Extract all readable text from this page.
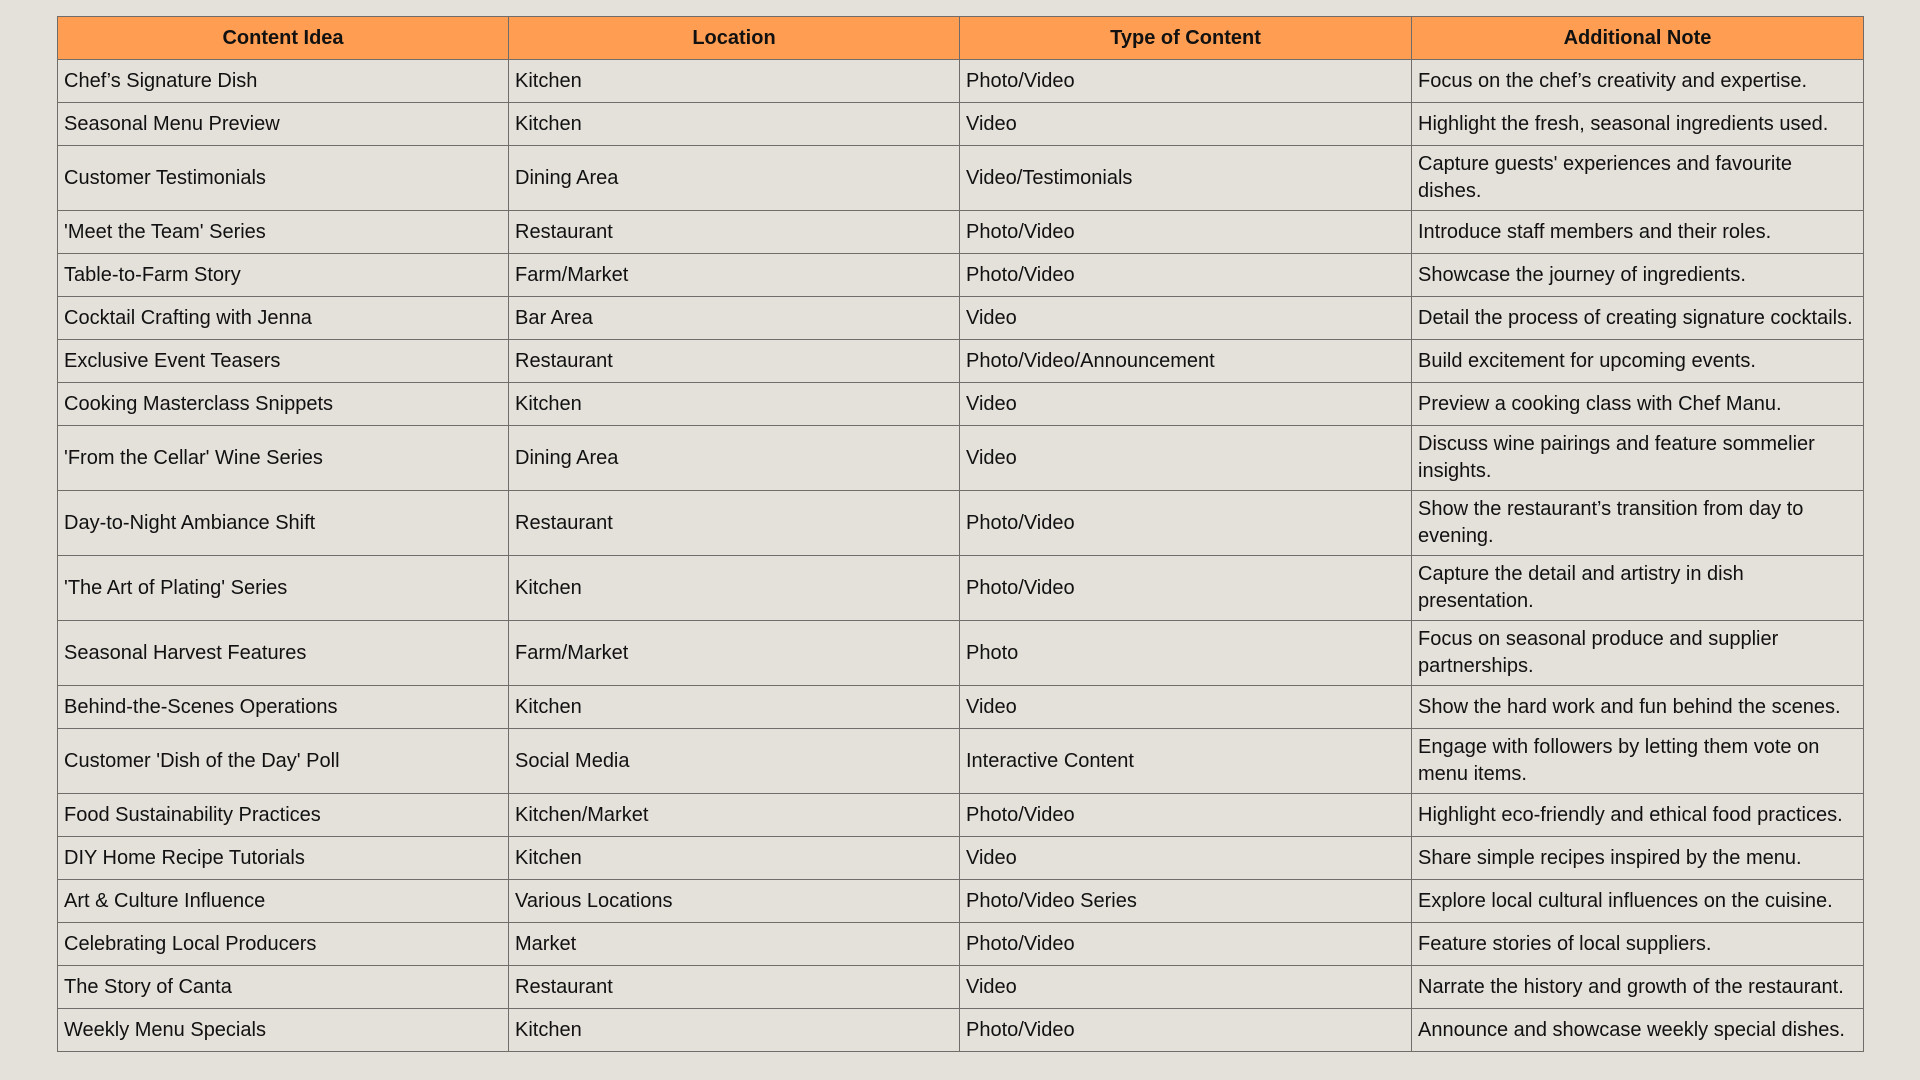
Content Idea	Location	Type of Content	Additional Note
Chef’s Signature Dish	Kitchen	Photo/Video	Focus on the chef’s creativity and expertise.
Seasonal Menu Preview	Kitchen	Video	Highlight the fresh, seasonal ingredients used.
Customer Testimonials	Dining Area	Video/Testimonials	Capture guests' experiences and favourite dishes.
'Meet the Team' Series	Restaurant	Photo/Video	Introduce staff members and their roles.
Table-to-Farm Story	Farm/Market	Photo/Video	Showcase the journey of ingredients.
Cocktail Crafting with Jenna	Bar Area	Video	Detail the process of creating signature cocktails.
Exclusive Event Teasers	Restaurant	Photo/Video/Announcement	Build excitement for upcoming events.
Cooking Masterclass Snippets	Kitchen	Video	Preview a cooking class with Chef Manu.
'From the Cellar' Wine Series	Dining Area	Video	Discuss wine pairings and feature sommelier insights.
Day-to-Night Ambiance Shift	Restaurant	Photo/Video	Show the restaurant’s transition from day to evening.
'The Art of Plating' Series	Kitchen	Photo/Video	Capture the detail and artistry in dish presentation.
Seasonal Harvest Features	Farm/Market	Photo	Focus on seasonal produce and supplier partnerships.
Behind-the-Scenes Operations	Kitchen	Video	Show the hard work and fun behind the scenes.
Customer 'Dish of the Day' Poll	Social Media	Interactive Content	Engage with followers by letting them vote on menu items.
Food Sustainability Practices	Kitchen/Market	Photo/Video	Highlight eco-friendly and ethical food practices.
DIY Home Recipe Tutorials	Kitchen	Video	Share simple recipes inspired by the menu.
Art & Culture Influence	Various Locations	Photo/Video Series	Explore local cultural influences on the cuisine.
Celebrating Local Producers	Market	Photo/Video	Feature stories of local suppliers.
The Story of Canta	Restaurant	Video	Narrate the history and growth of the restaurant.
Weekly Menu Specials	Kitchen	Photo/Video	Announce and showcase weekly special dishes.
